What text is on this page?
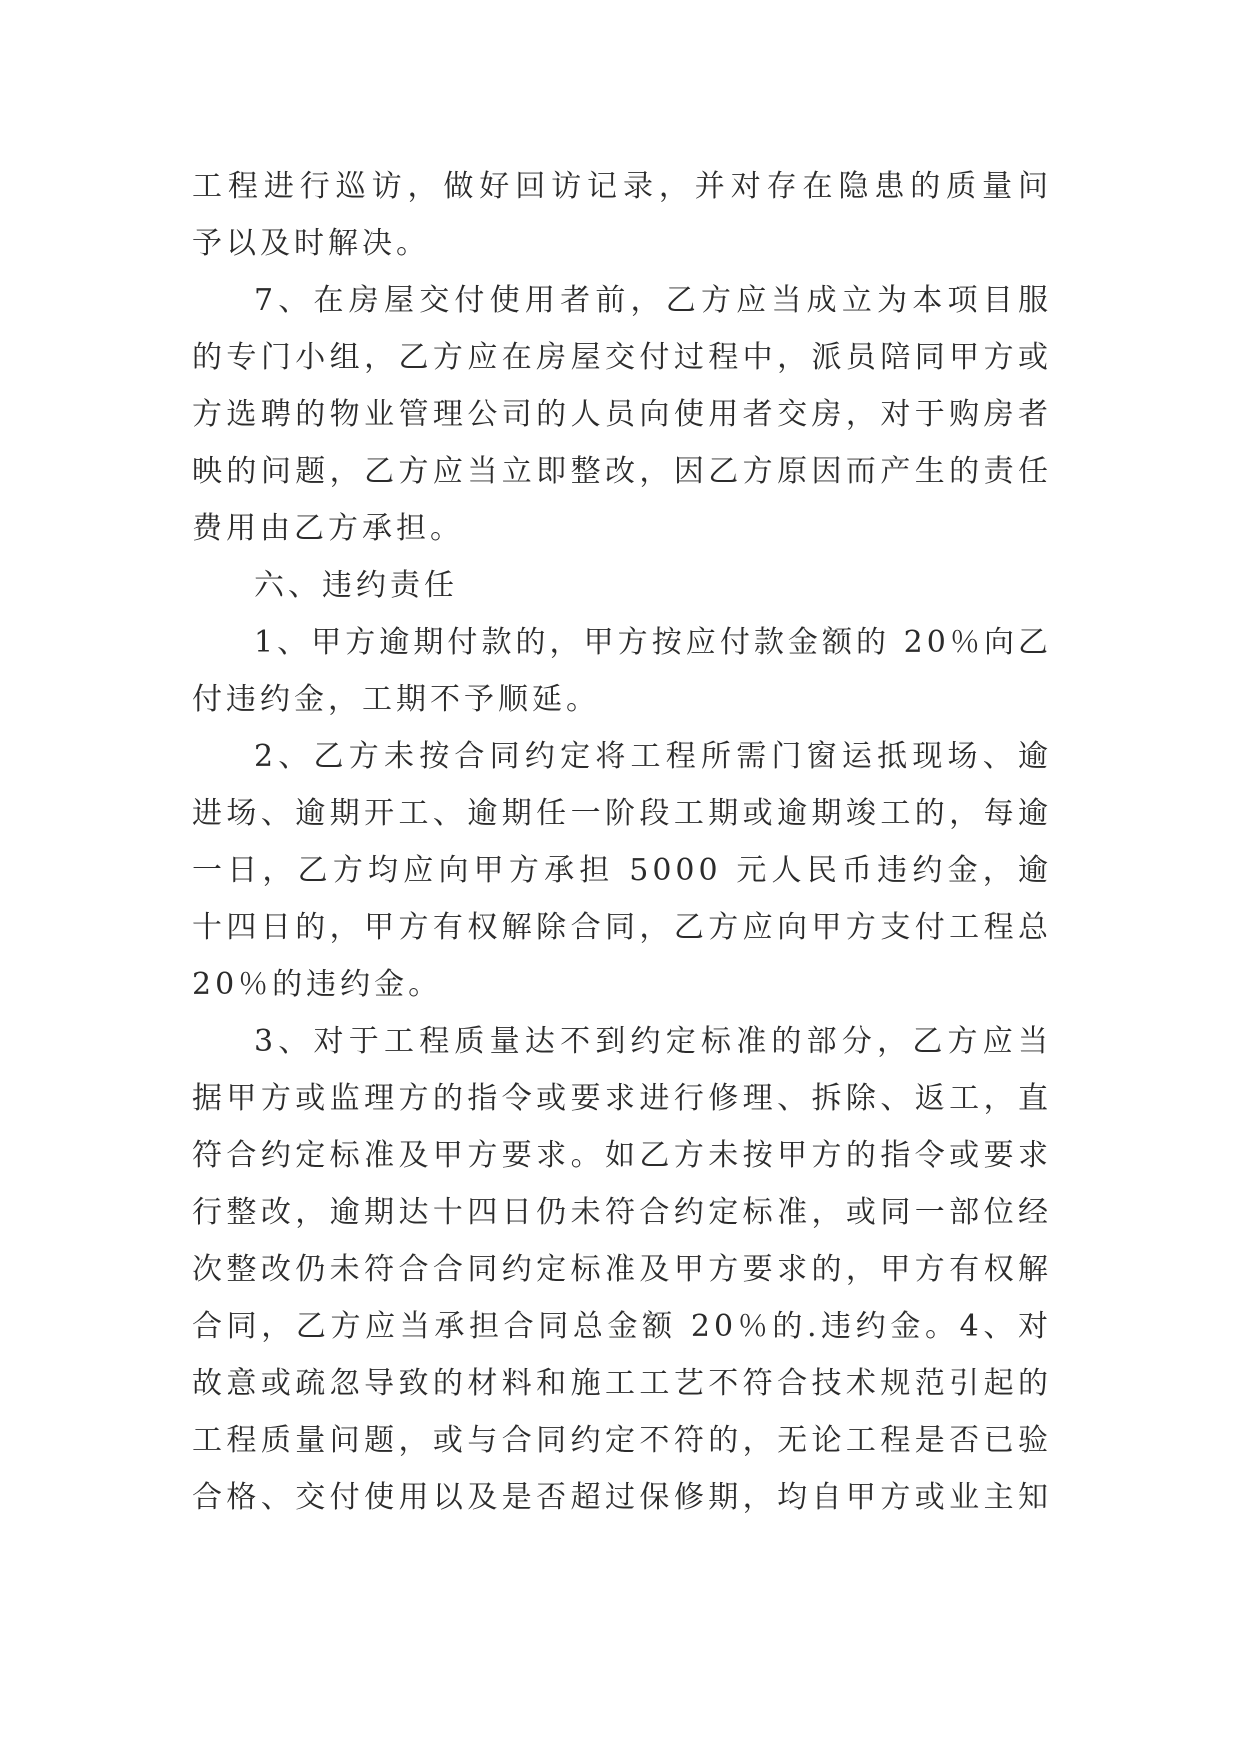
工程进行巡访，做好回访记录，并对存在隐患的质量问
予以及时解决。
7、在房屋交付使用者前，乙方应当成立为本项目服
的专门小组，乙方应在房屋交付过程中，派员陪同甲方或
方选聘的物业管理公司的人员向使用者交房，对于购房者
映的问题，乙方应当立即整改，因乙方原因而产生的责任
费用由乙方承担。
六、违约责任
1、甲方逾期付款的，甲方按应付款金额的 20％向乙
付违约金，工期不予顺延。
2、乙方未按合同约定将工程所需门窗运抵现场、逾
进场、逾期开工、逾期任一阶段工期或逾期竣工的，每逾
一日，乙方均应向甲方承担 5000 元人民币违约金，逾
十四日的，甲方有权解除合同，乙方应向甲方支付工程总
20％的违约金。
3、对于工程质量达不到约定标准的部分，乙方应当
据甲方或监理方的指令或要求进行修理、拆除、返工，直
符合约定标准及甲方要求。如乙方未按甲方的指令或要求
行整改，逾期达十四日仍未符合约定标准，或同一部位经
次整改仍未符合合同约定标准及甲方要求的，甲方有权解
合同，乙方应当承担合同总金额 20％的.违约金。4、对
故意或疏忽导致的材料和施工工艺不符合技术规范引起的
工程质量问题，或与合同约定不符的，无论工程是否已验
合格、交付使用以及是否超过保修期，均自甲方或业主知
